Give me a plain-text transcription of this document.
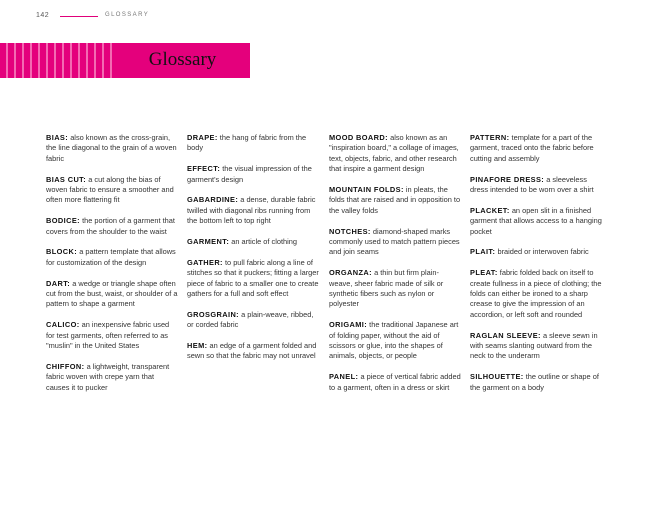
142	GLOSSARY
Glossary

BIAS: also known as the cross-grain, the line diagonal to the grain of a woven fabric

BIAS CUT: a cut along the bias of woven fabric to ensure a smoother and often more flattering fit

BODICE: the portion of a garment that covers from the shoulder to the waist

BLOCK: a pattern template that allows for customization of the design

DART: a wedge or triangle shape often cut from the bust, waist, or shoulder of a pattern to shape a garment

CALICO: an inexpensive fabric used for test garments, often referred to as "muslin" in the United States

CHIFFON: a lightweight, transparent fabric woven with crepe yarn that causes it to pucker

DRAPE: the hang of fabric from the body

EFFECT: the visual impression of the garment's design

GABARDINE: a dense, durable fabric twilled with diagonal ribs running from the bottom left to top right

GARMENT: an article of clothing

GATHER: to pull fabric along a line of stitches so that it puckers; fitting a larger piece of fabric to a smaller one to create gathers for a full and soft effect

GROSGRAIN: a plain-weave, ribbed, or corded fabric

HEM: an edge of a garment folded and sewn so that the fabric may not unravel

MOOD BOARD: also known as an "inspiration board," a collage of images, text, objects, fabric, and other research that inspire a garment design

MOUNTAIN FOLDS: in pleats, the folds that are raised and in opposition to the valley folds

NOTCHES: diamond-shaped marks commonly used to match pattern pieces and join seams

ORGANZA: a thin but firm plain-weave, sheer fabric made of silk or synthetic fibers such as nylon or polyester

ORIGAMI: the traditional Japanese art of folding paper, without the aid of scissors or glue, into the shapes of animals, objects, or people

PANEL: a piece of vertical fabric added to a garment, often in a dress or skirt

PATTERN: template for a part of the garment, traced onto the fabric before cutting and assembly

PINAFORE DRESS: a sleeveless dress intended to be worn over a shirt

PLACKET: an open slit in a finished garment that allows access to a hanging pocket

PLAIT: braided or interwoven fabric

PLEAT: fabric folded back on itself to create fullness in a piece of clothing; the folds can either be ironed to a sharp crease to give the impression of an accordion, or left soft and rounded

RAGLAN SLEEVE: a sleeve sewn in with seams slanting outward from the neck to the underarm

SILHOUETTE: the outline or shape of the garment on a body
